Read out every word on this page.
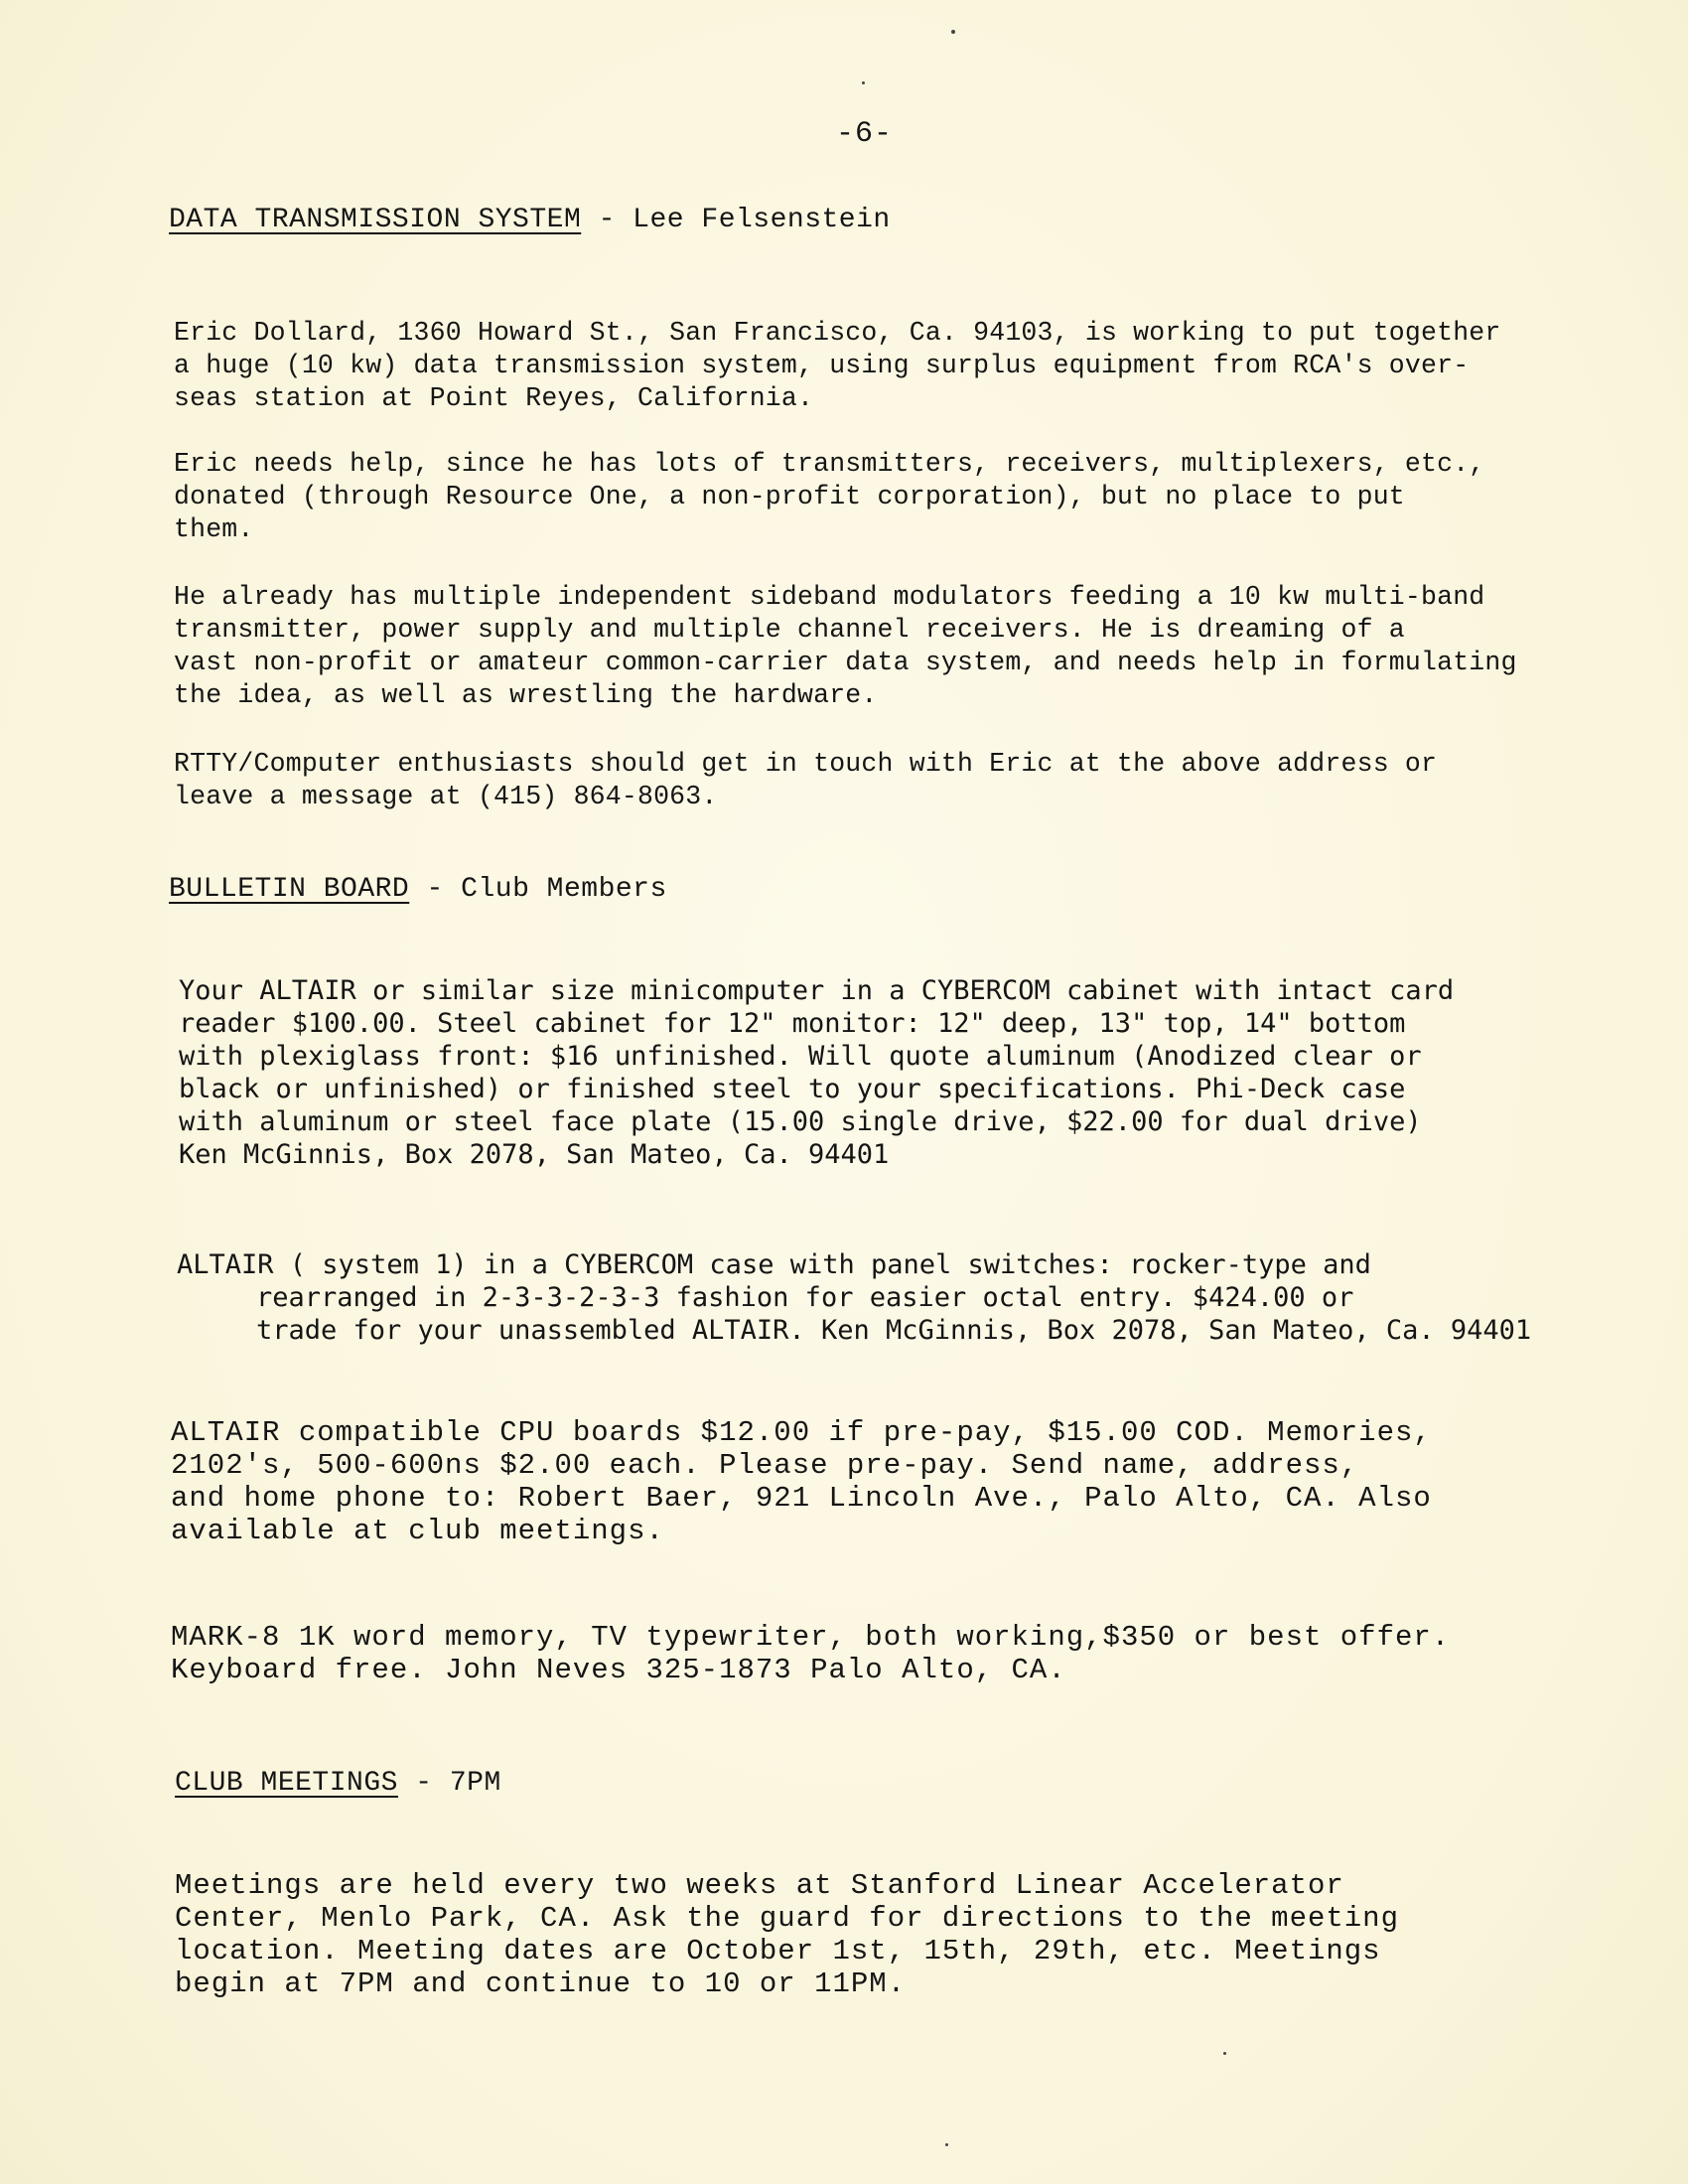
-6-
DATA TRANSMISSION SYSTEM - Lee Felsenstein
Eric Dollard, 1360 Howard St., San Francisco, Ca. 94103, is working to put together
a huge (10 kw) data transmission system, using surplus equipment from RCA's over-
seas station at Point Reyes, California.
Eric needs help, since he has lots of transmitters, receivers, multiplexers, etc.,
donated (through Resource One, a non-profit corporation), but no place to put
them.
He already has multiple independent sideband modulators feeding a 10 kw multi-band
transmitter, power supply and multiple channel receivers. He is dreaming of a
vast non-profit or amateur common-carrier data system, and needs help in formulating
the idea, as well as wrestling the hardware.
RTTY/Computer enthusiasts should get in touch with Eric at the above address or
leave a message at (415) 864-8063.
BULLETIN BOARD - Club Members
Your ALTAIR or similar size minicomputer in a CYBERCOM cabinet with intact card
reader $100.00. Steel cabinet for 12" monitor: 12" deep, 13" top, 14" bottom
with plexiglass front: $16 unfinished. Will quote aluminum (Anodized clear or
black or unfinished) or finished steel to your specifications. Phi-Deck case
with aluminum or steel face plate (15.00 single drive, $22.00 for dual drive)
Ken McGinnis, Box 2078, San Mateo, Ca. 94401
ALTAIR ( system 1) in a CYBERCOM case with panel switches: rocker-type and
rearranged in 2-3-3-2-3-3 fashion for easier octal entry. $424.00 or
trade for your unassembled ALTAIR. Ken McGinnis, Box 2078, San Mateo, Ca. 94401
ALTAIR compatible CPU boards $12.00 if pre-pay, $15.00 COD. Memories,
2102's, 500-600ns $2.00 each. Please pre-pay. Send name, address,
and home phone to: Robert Baer, 921 Lincoln Ave., Palo Alto, CA. Also
available at club meetings.
MARK-8 1K word memory, TV typewriter, both working,$350 or best offer.
Keyboard free. John Neves 325-1873 Palo Alto, CA.
CLUB MEETINGS - 7PM
Meetings are held every two weeks at Stanford Linear Accelerator
Center, Menlo Park, CA. Ask the guard for directions to the meeting
location. Meeting dates are October 1st, 15th, 29th, etc. Meetings
begin at 7PM and continue to 10 or 11PM.
